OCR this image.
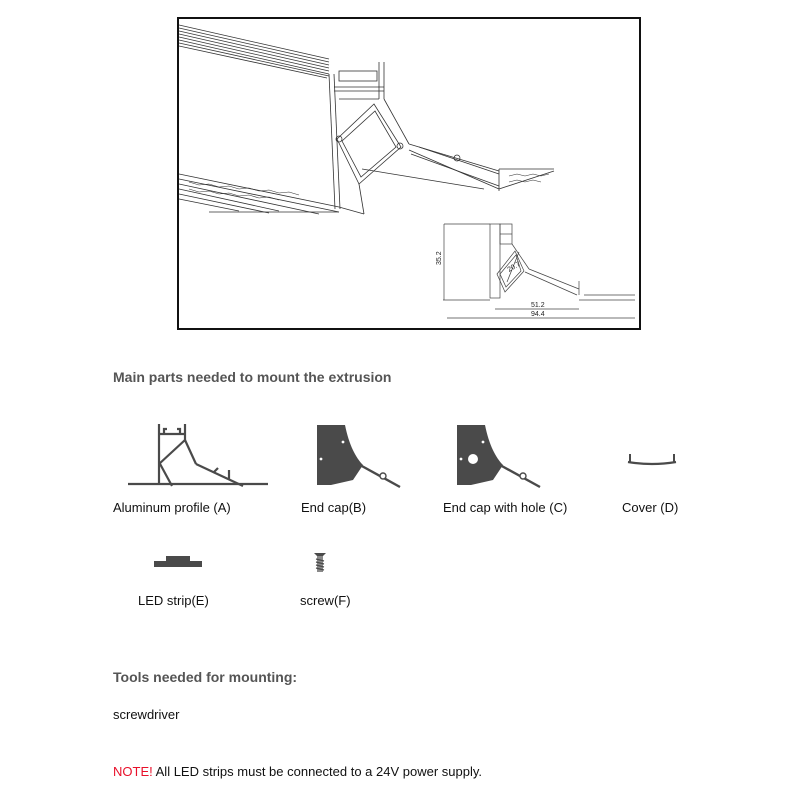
35.2
20.7
51.2
94.4
Main parts needed to mount the extrusion
Aluminum profile (A)	End cap(B)	End cap with hole (C)	Cover (D)
LED strip(E)	screw(F)
Tools needed for mounting:
screwdriver
NOTE! All LED strips must be connected to a 24V power supply.
